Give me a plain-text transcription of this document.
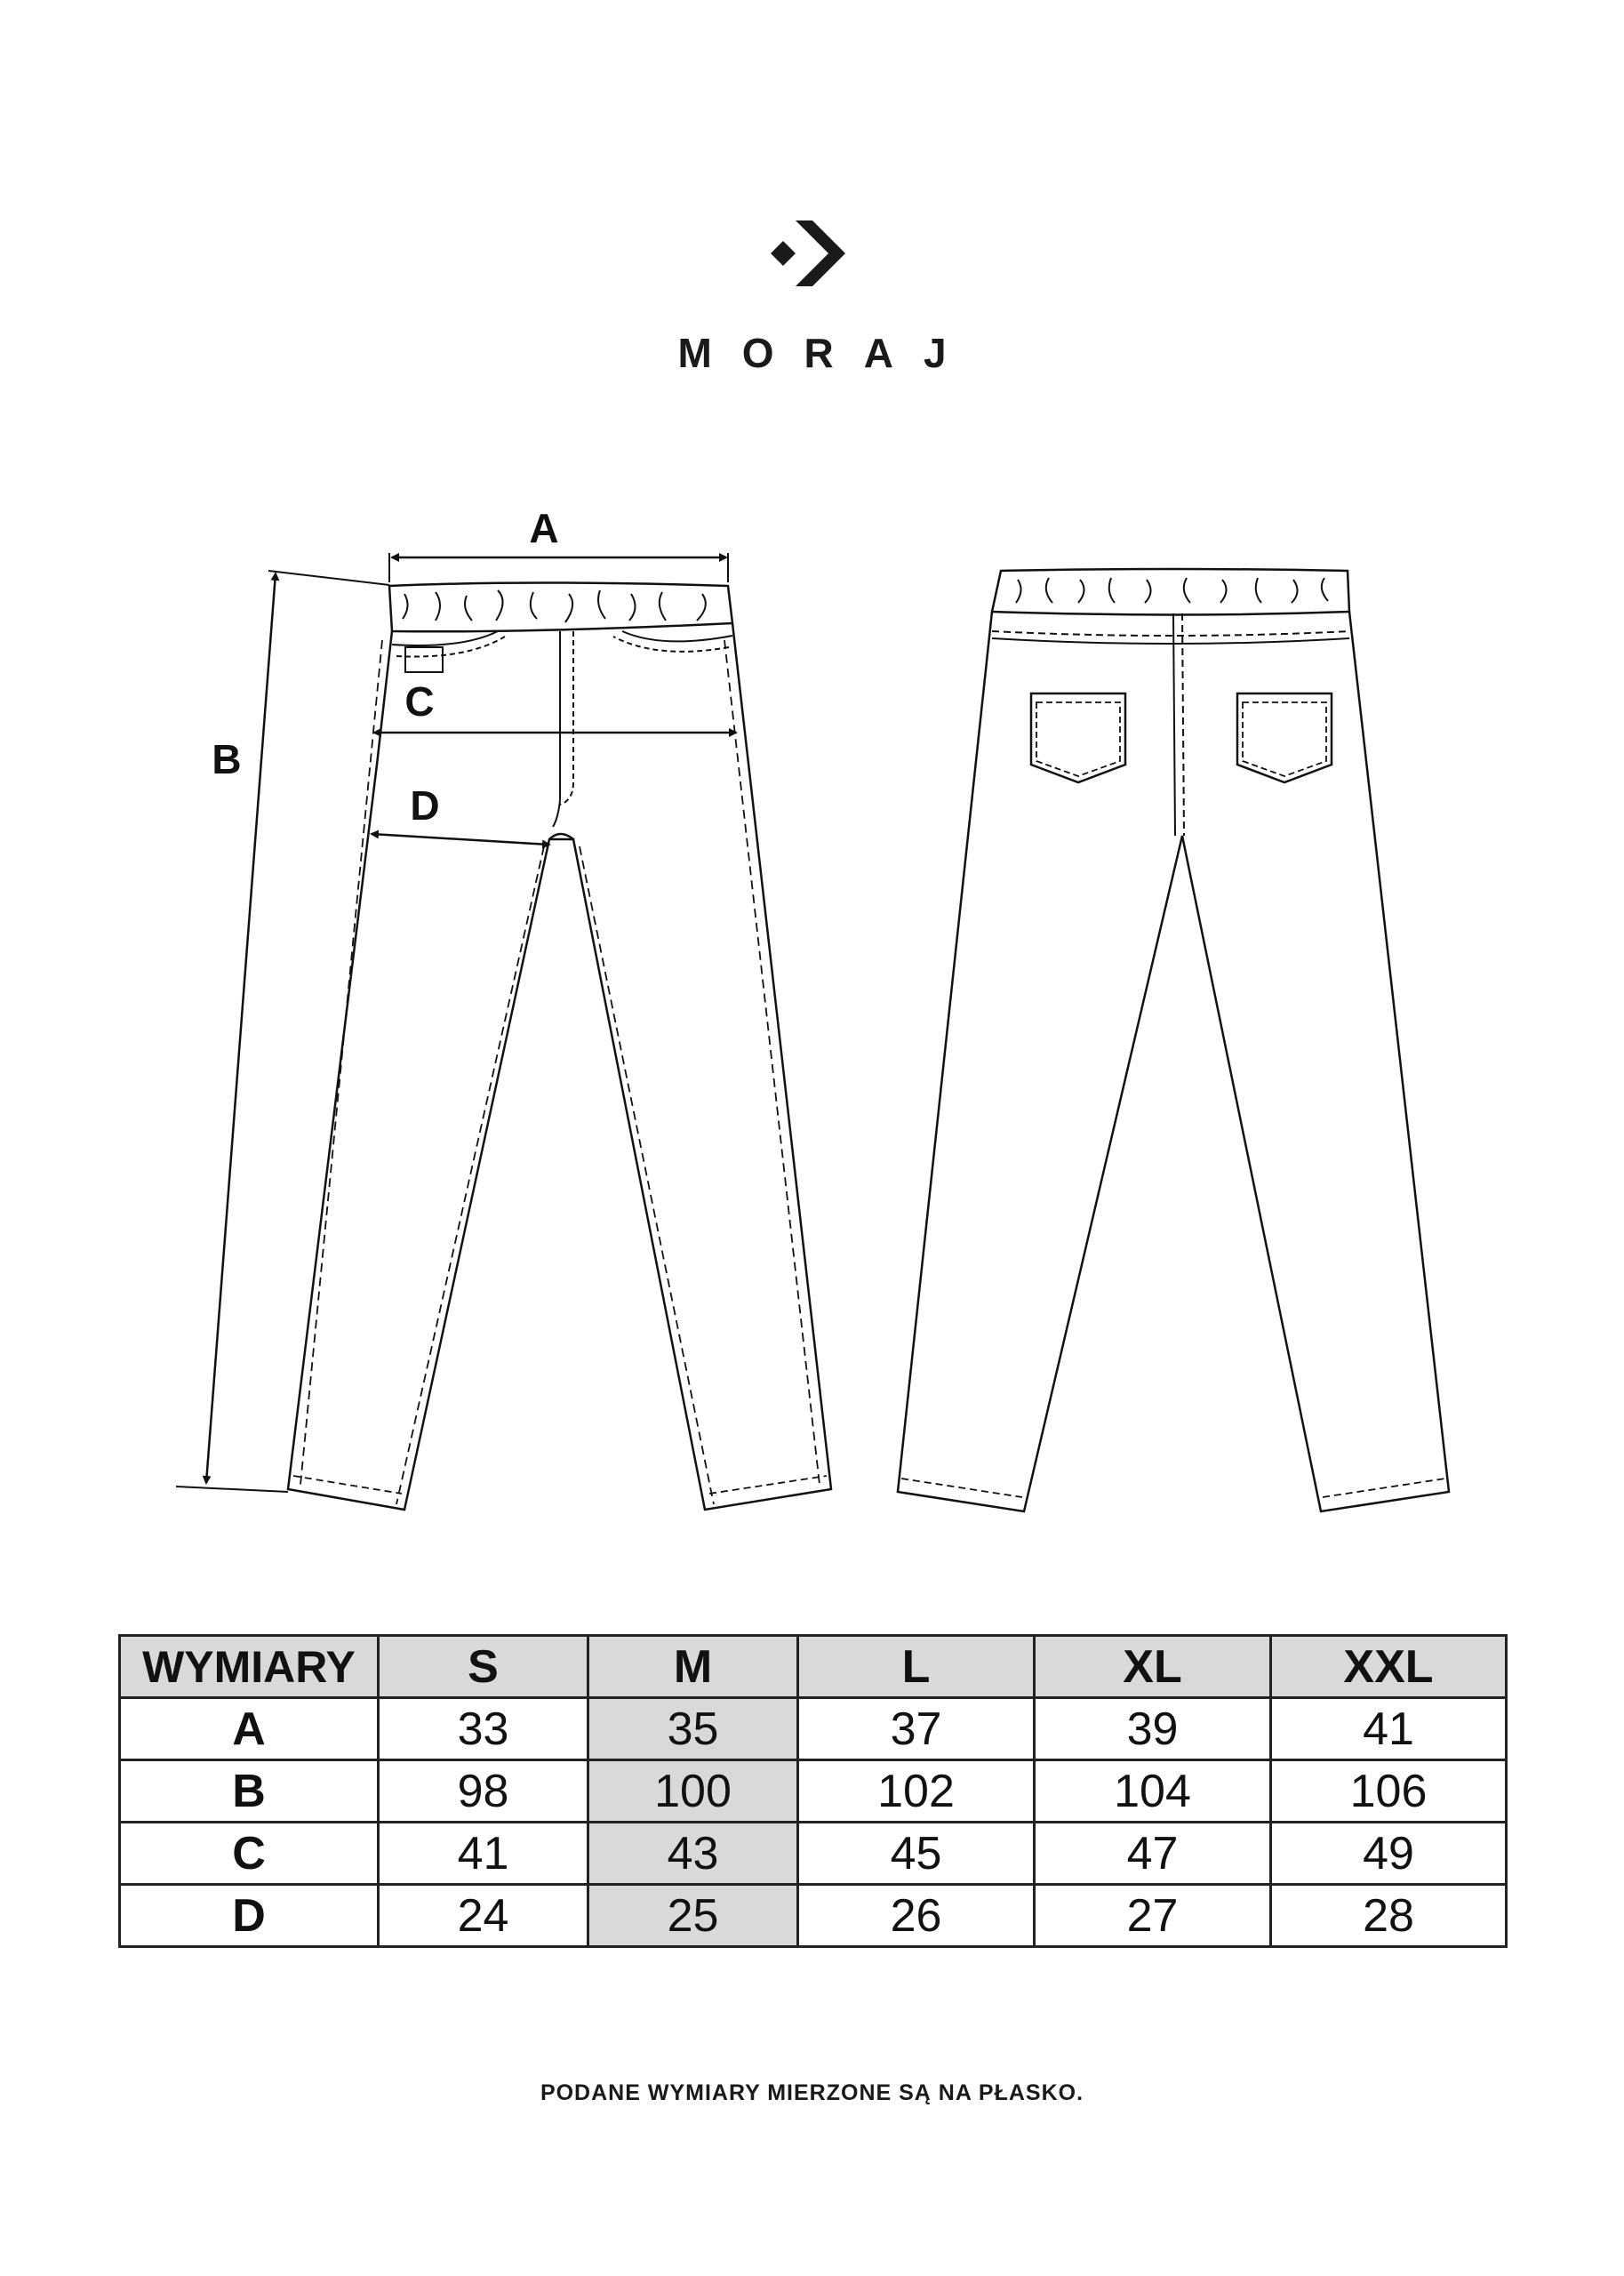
MORAJ
A
B
C
D
WYMIARY	S	M	L	XL	XXL
A	33	35	37	39	41
B	98	100	102	104	106
C	41	43	45	47	49
D	24	25	26	27	28
PODANE WYMIARY MIERZONE SĄ NA PŁASKO.
